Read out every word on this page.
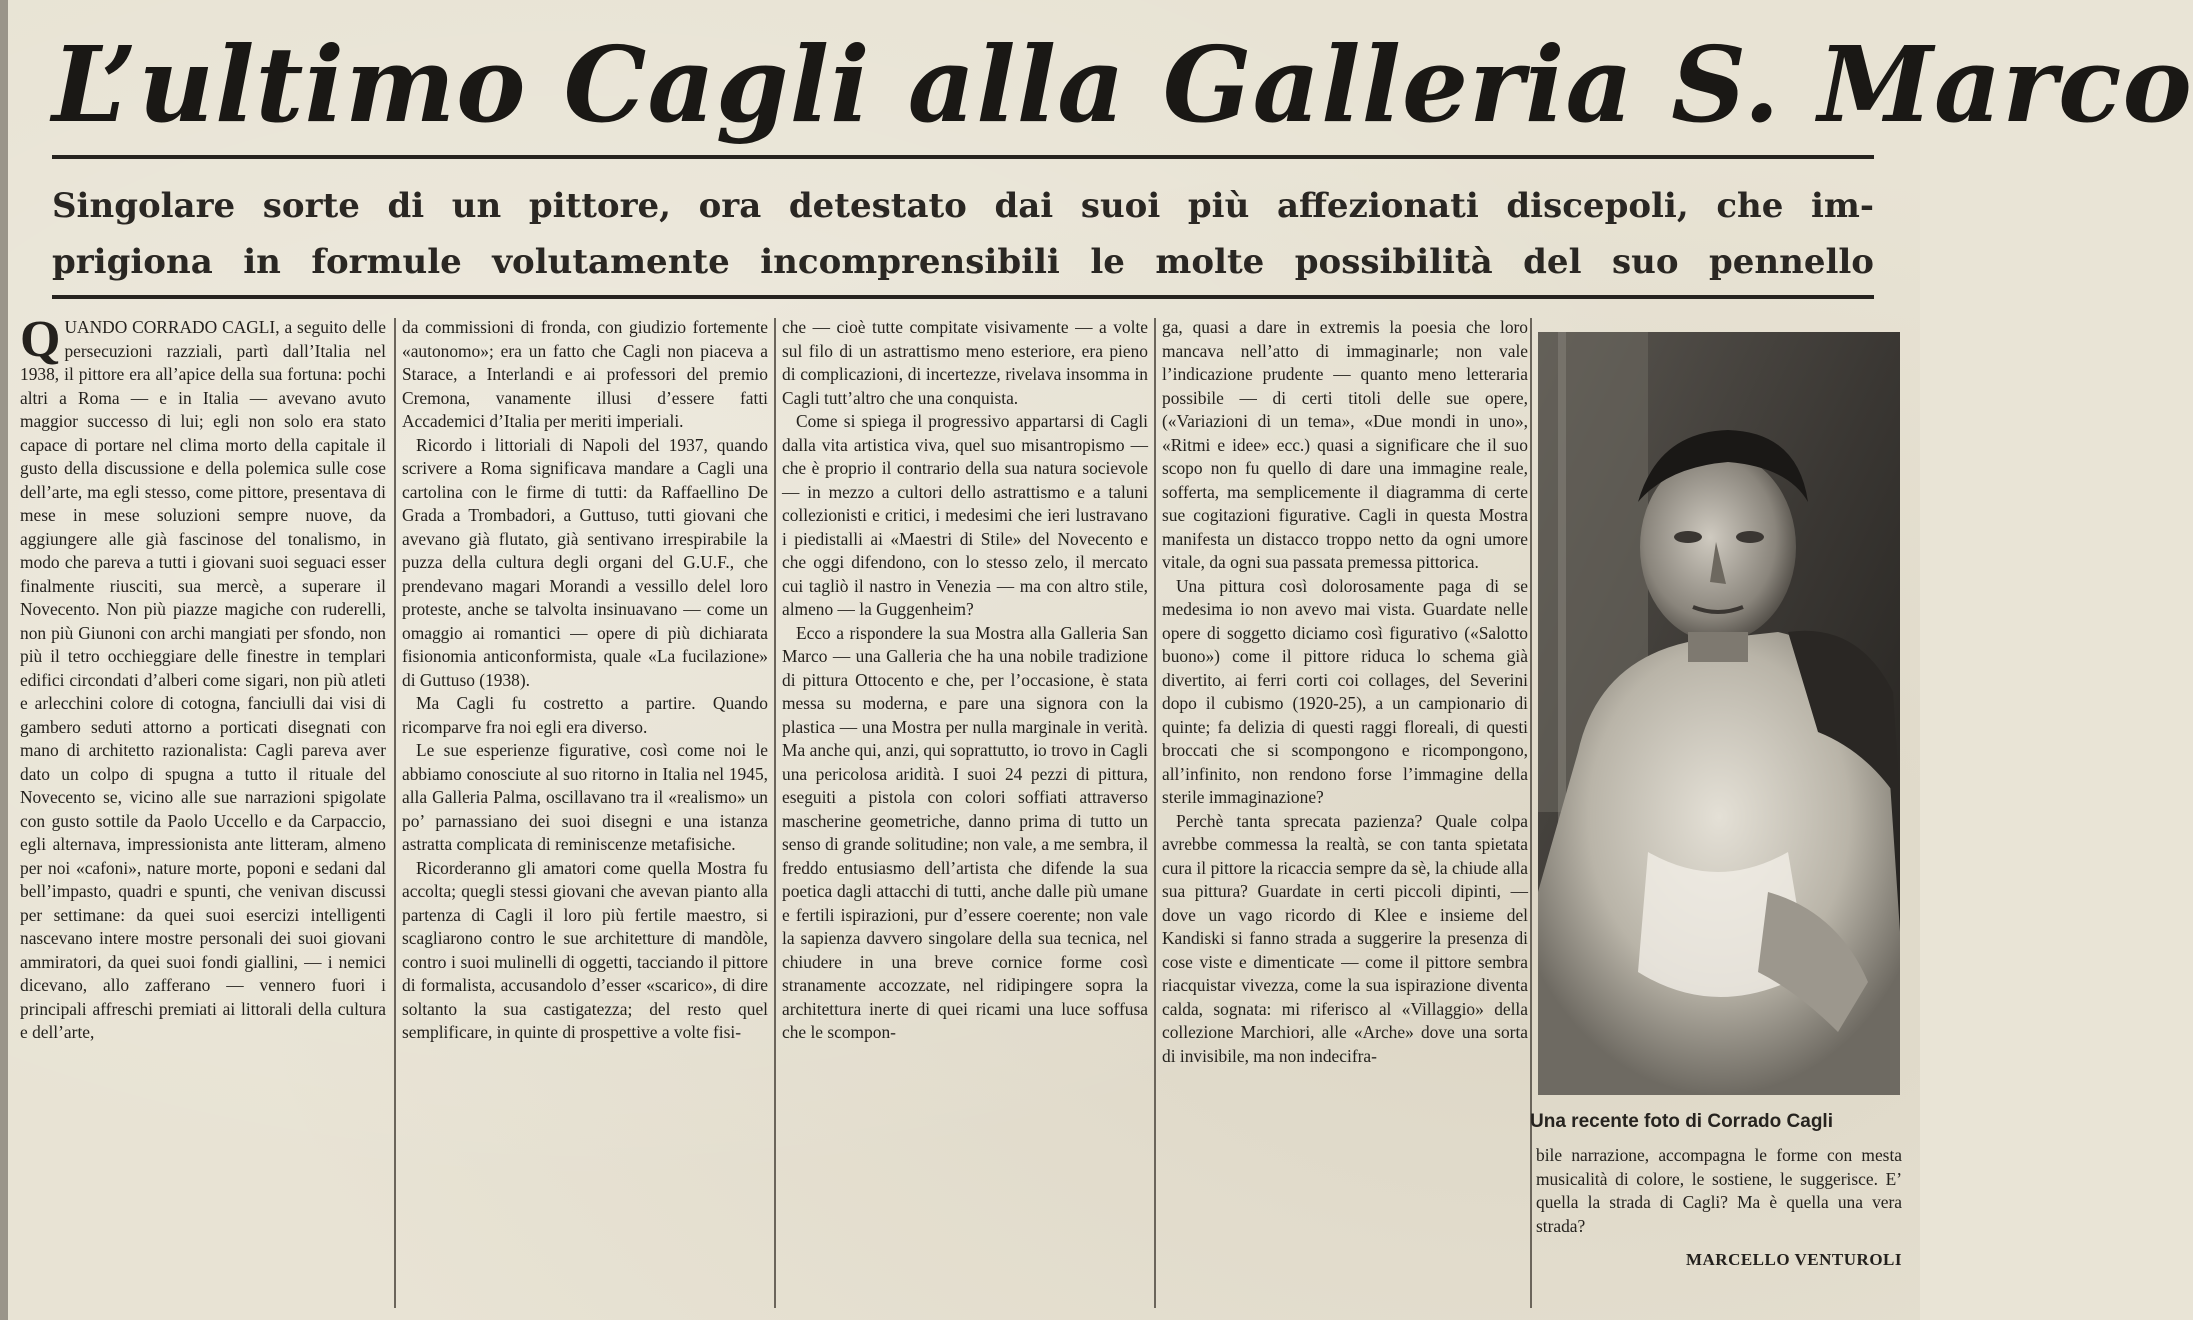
L’ultimo Cagli alla Galleria S. Marco
Singolare sorte di un pittore, ora detestato dai suoi più affezionati discepoli, che im-
prigiona in formule volutamente incomprensibili le molte possibilità del suo pennello

QUANDO CORRADO CAGLI, a seguito delle persecuzioni razziali, partì dall’Italia nel 1938, il pittore era all’apice della sua fortuna: pochi altri a Roma — e in Italia — avevano avuto maggior successo di lui; egli non solo era stato capace di portare nel clima morto della capitale il gusto della discussione e della polemica sulle cose dell’arte, ma egli stesso, come pittore, presentava di mese in mese soluzioni sempre nuove, da aggiungere alle già fascinose del tonalismo, in modo che pareva a tutti i giovani suoi seguaci esser finalmente riusciti, sua mercè, a superare il Novecento. Non più piazze magiche con ruderelli, non più Giunoni con archi mangiati per sfondo, non più il tetro occhieggiare delle finestre in templari edifici circondati d’alberi come sigari, non più atleti e arlecchini colore di cotogna, fanciulli dai visi di gambero seduti attorno a porticati disegnati con mano di architetto razionalista: Cagli pareva aver dato un colpo di spugna a tutto il rituale del Novecento se, vicino alle sue narrazioni spigolate con gusto sottile da Paolo Uccello e da Carpaccio, egli alternava, impressionista ante litteram, almeno per noi «cafoni», nature morte, poponi e sedani dal bell’impasto, quadri e spunti, che venivan discussi per settimane: da quei suoi esercizi intelligenti nascevano intere mostre personali dei suoi giovani ammiratori, da quei suoi fondi giallini, — i nemici dicevano, allo zafferano — vennero fuori i principali affreschi premiati ai littorali della cultura e dell’arte,

da commissioni di fronda, con giudizio fortemente «autonomo»; era un fatto che Cagli non piaceva a Starace, a Interlandi e ai professori del premio Cremona, vanamente illusi d’essere fatti Accademici d’Italia per meriti imperiali.

Ricordo i littoriali di Napoli del 1937, quando scrivere a Roma significava mandare a Cagli una cartolina con le firme di tutti: da Raffaellino De Grada a Trombadori, a Guttuso, tutti giovani che avevano già flutato, già sentivano irrespirabile la puzza della cultura degli organi del G.U.F., che prendevano magari Morandi a vessillo delel loro proteste, anche se talvolta insinuavano — come un omaggio ai romantici — opere di più dichiarata fisionomia anticonformista, quale «La fucilazione» di Guttuso (1938).

Ma Cagli fu costretto a partire. Quando ricomparve fra noi egli era diverso.

Le sue esperienze figurative, così come noi le abbiamo conosciute al suo ritorno in Italia nel 1945, alla Galleria Palma, oscillavano tra il «realismo» un po’ parnassiano dei suoi disegni e una istanza astratta complicata di reminiscenze metafisiche.

Ricorderanno gli amatori come quella Mostra fu accolta; quegli stessi giovani che avevan pianto alla partenza di Cagli il loro più fertile maestro, si scagliarono contro le sue architetture di mandòle, contro i suoi mulinelli di oggetti, tacciando il pittore di formalista, accusandolo d’esser «scarico», di dire soltanto la sua castigatezza; del resto quel semplificare, in quinte di prospettive a volte fisi-

che — cioè tutte compitate visivamente — a volte sul filo di un astrattismo meno esteriore, era pieno di complicazioni, di incertezze, rivelava insomma in Cagli tutt’altro che una conquista.

Come si spiega il progressivo appartarsi di Cagli dalla vita artistica viva, quel suo misantropismo — che è proprio il contrario della sua natura socievole — in mezzo a cultori dello astrattismo e a taluni collezionisti e critici, i medesimi che ieri lustravano i piedistalli ai «Maestri di Stile» del Novecento e che oggi difendono, con lo stesso zelo, il mercato cui tagliò il nastro in Venezia — ma con altro stile, almeno — la Guggenheim?

Ecco a rispondere la sua Mostra alla Galleria San Marco — una Galleria che ha una nobile tradizione di pittura Ottocento e che, per l’occasione, è stata messa su moderna, e pare una signora con la plastica — una Mostra per nulla marginale in verità. Ma anche qui, anzi, qui soprattutto, io trovo in Cagli una pericolosa aridità. I suoi 24 pezzi di pittura, eseguiti a pistola con colori soffiati attraverso mascherine geometriche, danno prima di tutto un senso di grande solitudine; non vale, a me sembra, il freddo entusiasmo dell’artista che difende la sua poetica dagli attacchi di tutti, anche dalle più umane e fertili ispirazioni, pur d’essere coerente; non vale la sapienza davvero singolare della sua tecnica, nel chiudere in una breve cornice forme così stranamente accozzate, nel ridipingere sopra la architettura inerte di quei ricami una luce soffusa che le scompon-

ga, quasi a dare in extremis la poesia che loro mancava nell’atto di immaginarle; non vale l’indicazione prudente — quanto meno letteraria possibile — di certi titoli delle sue opere, («Variazioni di un tema», «Due mondi in uno», «Ritmi e idee» ecc.) quasi a significare che il suo scopo non fu quello di dare una immagine reale, sofferta, ma semplicemente il diagramma di certe sue cogitazioni figurative. Cagli in questa Mostra manifesta un distacco troppo netto da ogni umore vitale, da ogni sua passata premessa pittorica.

Una pittura così dolorosamente paga di se medesima io non avevo mai vista. Guardate nelle opere di soggetto diciamo così figurativo («Salotto buono») come il pittore riduca lo schema già divertito, ai ferri corti coi collages, del Severini dopo il cubismo (1920-25), a un campionario di quinte; fa delizia di questi raggi floreali, di questi broccati che si scompongono e ricompongono, all’infinito, non rendono forse l’immagine della sterile immaginazione?

Perchè tanta sprecata pazienza? Quale colpa avrebbe commessa la realtà, se con tanta spietata cura il pittore la ricaccia sempre da sè, la chiude alla sua pittura? Guardate in certi piccoli dipinti, — dove un vago ricordo di Klee e insieme del Kandiski si fanno strada a suggerire la presenza di cose viste e dimenticate — come il pittore sembra riacquistar vivezza, come la sua ispirazione diventa calda, sognata: mi riferisco al «Villaggio» della collezione Marchiori, alle «Arche» dove una sorta di invisibile, ma non indecifra-

Una recente foto di Corrado Cagli

bile narrazione, accompagna le forme con mesta musicalità di colore, le sostiene, le suggerisce. E’ quella la strada di Cagli? Ma è quella una vera strada?

MARCELLO VENTUROLI
